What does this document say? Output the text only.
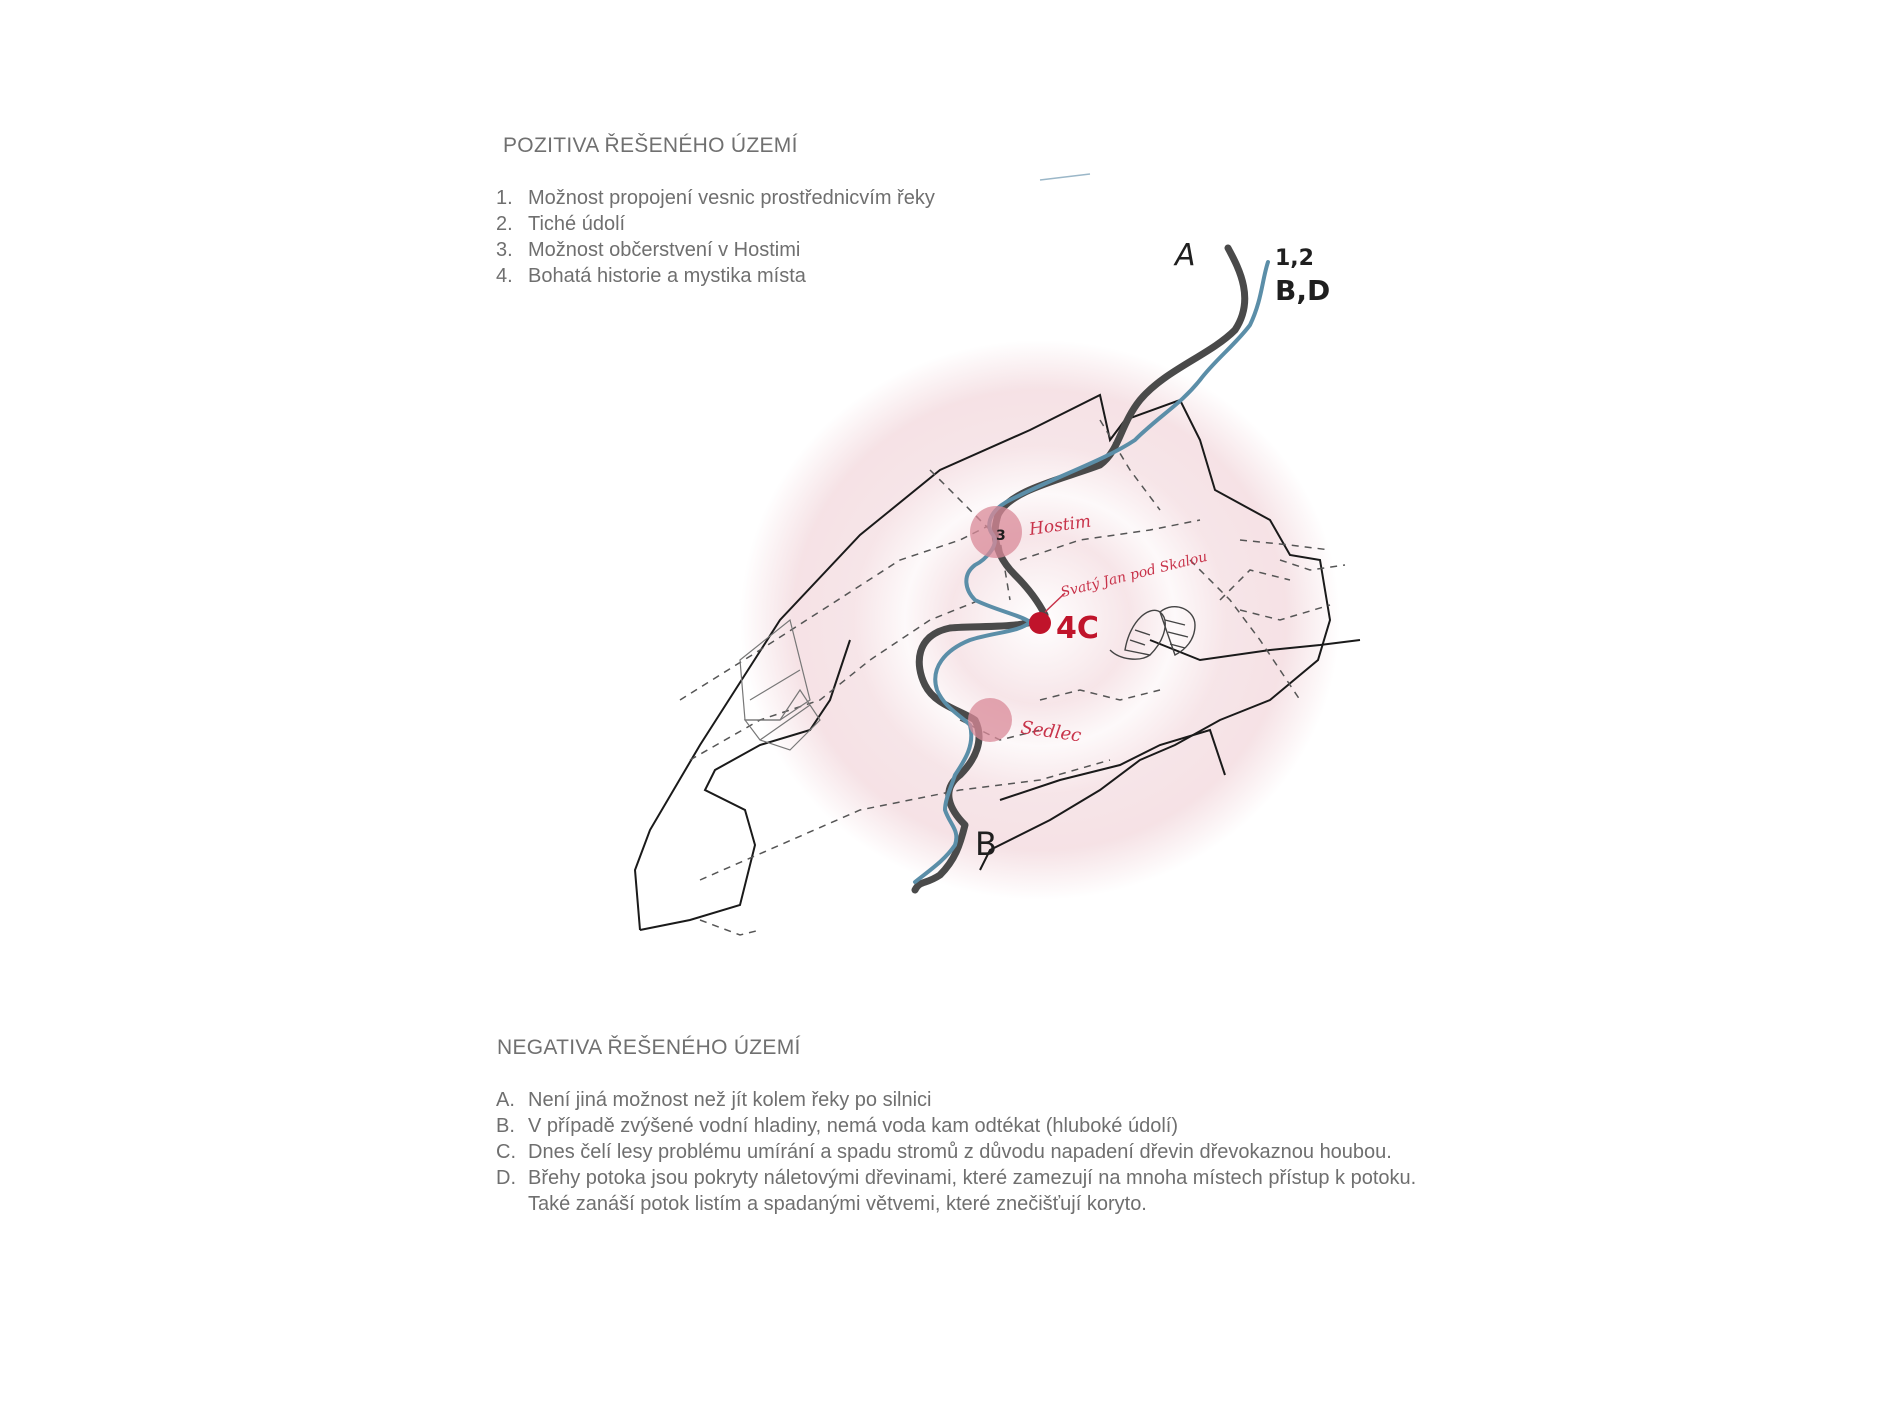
POZITIVA ŘEŠENÉHO ÚZEMÍ
1. Možnost propojení vesnic prostřednicvím řeky
2. Tiché údolí
3. Možnost občerstvení v Hostimi
4. Bohatá historie a mystika místa
A	1,2
B,D
B
3
4C
Hostim
Svatý Jan pod Skalou
Sedlec
NEGATIVA ŘEŠENÉHO ÚZEMÍ
A. Není jiná možnost než jít kolem řeky po silnici
B. V případě zvýšené vodní hladiny, nemá voda kam odtékat (hluboké údolí)
C. Dnes čelí lesy problému umírání a spadu stromů z důvodu napadení dřevin dřevokaznou houbou.
D. Břehy potoka jsou pokryty náletovými dřevinami, které zamezují na mnoha místech přístup k potoku.
Také zanáší potok listím a spadanými větvemi, které znečišťují koryto.
